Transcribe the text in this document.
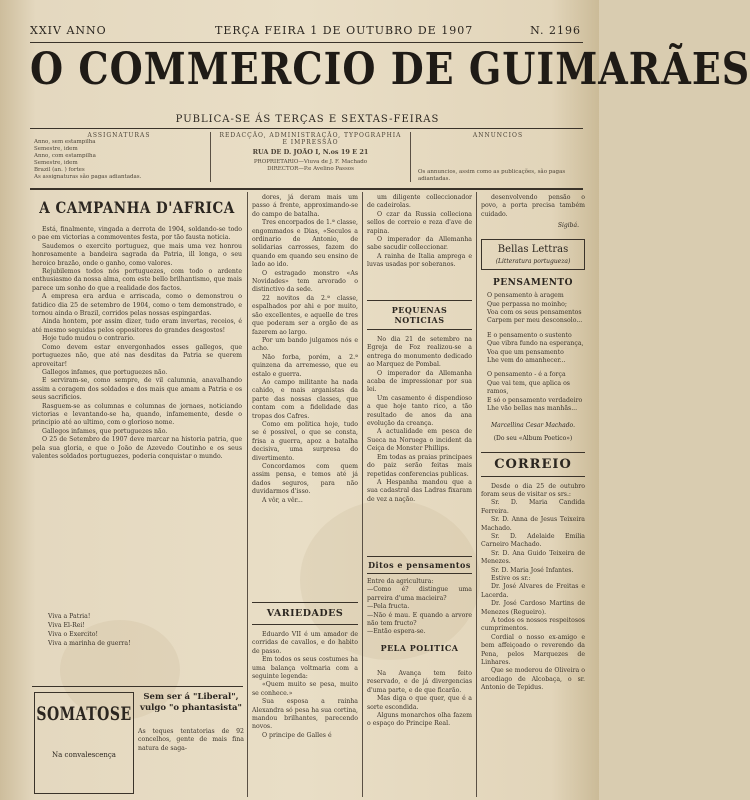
XXIV ANNO	TERÇA FEIRA 1 DE OUTUBRO DE 1907	N. 2196
O COMMERCIO DE GUIMARÃES
PUBLICA-SE ÁS TERÇAS E SEXTAS-FEIRAS
ASSIGNATURAS
Anno, sem estampilha
Semestre, idem
Anno, com estampilha
Semestre, idem
Brazil (an. ) fortes
As assignaturas são pagas adiantadas.
REDACÇÃO, ADMINISTRAÇÃO, TYPOGRAPHIA E IMPRESSÃO
RUA DE D. JOÃO I, N.os 19 E 21
PROPRIETARIO—Viuva de J. F. Machado
DIRECTOR—P.e Avelino Passos
ANNUNCIOS
Os annuncios, assim como as publicações, são pagas adiantadas.
A CAMPANHA D'AFRICA

Está, finalmente, vingada a derrota de 1904, soldando-se todo o pae em victorias a commoventes festa, por tão fausta noticia.

Saudemos o exercito portuguez, que mais uma vez honrou honrosamente a bandeira sagrada da Patria, ill longa, o seu heroico brazão, onde o ganho, como valores.

Rejubilemos todos nós portuguezes, com todo o ardente enthusiasmo da nossa alma, com este bello brilhantismo, que mais parece um sonho do que a realidade dos factos.

A empresa era ardua e arriscada, como o demonstrou o fatidico dia 25 de setembro de 1904, como o tem demonstrado, e tornou ainda o Brazil, corridos pelas nossas espingardas.

Ainda hontem, por assim dizer, tudo eram invertas, receios, é até mesmo seguidas pelos oppositores do grandes desgostos!

Hoje tudo mudou o contrario.

Como devem estar envergonhados esses gallegos, que portuguezes não, que até nas desditas da Patria se querem aproveitar!

Gallegos infames, que portuguezes não.

E serviram-se, como sempre, de vil calumnia, anavalhando assim a coragem dos soldados e dos mais que amam a Patria e os seus sacrificios.

Rasguem-se as columnas e columnas de jornaes, noticiando victorias e levantando-se ha, quando, infamemente, desde o principio até ao ultimo, com o glorioso nome.

Gallegos infames, que portuguezes não.

O 25 de Setembro de 1907 deve marcar na historia patria, que pela sua gloria, e que o João de Azevedo Coutinho e os seus valentes soldados portuguezes, poderia conquistar o mundo.

Viva a Patria!
Viva El-Rei!
Viva o Exercito!
Viva a marinha de guerra!
SOMATOSE
Na convalescença
Sem ser á "Liberal", vulgo "o phantasista"
As teques tentatorias de 92 concelhos, gente de mais fina natura de saga-

dores, já deram mais um passo á frente, approximando-se do campo de batalha.

Tres encorpados de 1.ª classe, engommados e Dias, «Seculos a ordinario de Antonio, de solidarias carrosses, fazem do quando em quando seu ensino de lado ao ido.

O estragado monstro «As Novidades» tem arvorado o distinctivo da sede.

22 novitos da 2.ª classe, espalhados por ahi e por muito, são excellentes, e aquelle de tres que poderam ser a orgão de as fazerem ao largo.

Por um bando julgamos nós e acho.

Não forba, porém, a 2.ª quinzena da arremesso, que eu estalo e guerra.

Ao campo militante ha nada cahido, e mais arganistas da parte das nossas classes, que contam com a fidelidade das tropas dos Cafres.

Como em politica hoje, tudo se é possivel, o que se consta, frisa a guerra, apoz a batalha decisiva, uma surpresa do divertimento.

Concordamos com quem assim pensa, e temos até já dados seguros, para não duvidarmos d'isso.

A vôr, a vêr...

VARIEDADES

Eduardo VII é um amador de corridas de cavallos, e do habito de passo.

Em todos os seus costumes ha uma balança voltmaria com a seguinte legenda:

«Quem muito se pesa, muito se conhece.»

Sua esposa a rainha Alexandra só pesa ha sua cortina, mandou brilhantes, parecendo novos.

O principe de Galles é

um diligente colleccionador de cadeirolas.

O czar da Russia colleciona sellos de correio e reza d'ave de rapina.

O imperador da Allemanha sabe sacudir colleccionar.

A rainha de Italia amprega e luvas usadas por soberanos.

PEQUENAS NOTICIAS

No dia 21 de setembro na Egreja de Foz realizou-se a entrega do monumento dedicado ao Marquez de Pombal.

O imperador da Allemanha acaba de impressionar por sua lei.

Um casamento é dispendioso a que hoje tanto rico, a tão resultado de anos da ana evolução da creança.

A actualidade em pesca de Sueca na Noruega o incident da Ceiça de Monster Phillips.

Em todas as praias principaes do paiz serão feitas mais repetidas conferencias publicas.

A Hespanha mandou que a sua cadastral das Ladras fixaram de vez a nação.

Ditos e pensamentos
Entre da agricultura:
—Como é? distingue uma parreira d'uma macieira?
—Pela fructa.
—Não é mau. E quando a arvore não tem fructo?
—Então espera-se.
PELA POLITICA

Na Avança tem feito reservado, e de já divergencias d'uma parte, e de que ficarão.

Mas diga o que quer, que é a sorte escondida.

Alguns monarchos olha fazem o espaço do Principe Real.

desenvolvendo pensão o povo, a porta precisa também cuidado.

Sigibá.
Bellas Lettras
(Litteratura portugueza)
PENSAMENTO
O pensamento à aragem
Que perpassa no moinho;
Voa com os seus pensamentos
Carpem per meu desconsolo...
E o pensamento o sustento
Que vibra fundo na esperança,
Voa que um pensamento
Lhe vem do amanhecer...
O pensamento - é a força
Que vai tem, que aplica os ramos,
E só o pensamento verdadeiro
Lhe vão bellas nas manhãs...
Marcellina Cesar Machado.
(Do seu «Album Poetico»)
CORREIO

Desde o dia 25 de outubro foram seus de visitar os srs.:

Sr. D. Maria Candida Ferreira.

Sr. D. Anna de Jesus Teixeira Machado.

Sr. D. Adelaide Emilia Carneiro Machado.

Sr. D. Ana Guido Teixeira de Menezes.

Sr. D. Maria José Infantes.

Estive os sr.:

Dr. José Alvares de Freitas e Lacerda.

Dr. José Cardoso Martins de Menezes (Regueiro).

A todos os nossos respeitosos cumprimentos.

Cordial o nosso ex-amigo e bem affeiçoado o reverendo da Pena, pelos Marquezes de Linhares.

Que se moderou de Oliveira o arcediago de Alcobaça, o sr. Antonio de Tepidus.
